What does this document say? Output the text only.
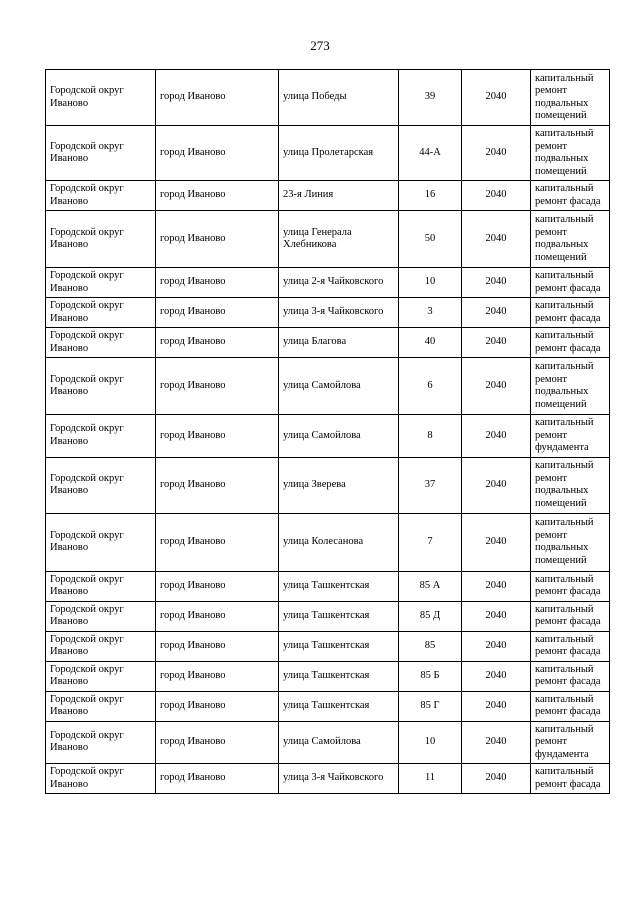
273
Городской округ Иваново	город Иваново	улица Победы	39	2040	капитальный ремонт подвальных помещений
Городской округ Иваново	город Иваново	улица Пролетарская	44-А	2040	капитальный ремонт подвальных помещений
Городской округ Иваново	город Иваново	23-я Линия	16	2040	капитальный ремонт фасада
Городской округ Иваново	город Иваново	улица Генерала Хлебникова	50	2040	капитальный ремонт подвальных помещений
Городской округ Иваново	город Иваново	улица 2-я Чайковского	10	2040	капитальный ремонт фасада
Городской округ Иваново	город Иваново	улица 3-я Чайковского	3	2040	капитальный ремонт фасада
Городской округ Иваново	город Иваново	улица Благова	40	2040	капитальный ремонт фасада
Городской округ Иваново	город Иваново	улица Самойлова	6	2040	капитальный ремонт подвальных помещений
Городской округ Иваново	город Иваново	улица Самойлова	8	2040	капитальный ремонт фундамента
Городской округ Иваново	город Иваново	улица Зверева	37	2040	капитальный ремонт подвальных помещений
Городской округ Иваново	город Иваново	улица Колесанова	7	2040	капитальный ремонт подвальных помещений
Городской округ Иваново	город Иваново	улица Ташкентская	85 А	2040	капитальный ремонт фасада
Городской округ Иваново	город Иваново	улица Ташкентская	85 Д	2040	капитальный ремонт фасада
Городской округ Иваново	город Иваново	улица Ташкентская	85	2040	капитальный ремонт фасада
Городской округ Иваново	город Иваново	улица Ташкентская	85 Б	2040	капитальный ремонт фасада
Городской округ Иваново	город Иваново	улица Ташкентская	85 Г	2040	капитальный ремонт фасада
Городской округ Иваново	город Иваново	улица Самойлова	10	2040	капитальный ремонт фундамента
Городской округ Иваново	город Иваново	улица 3-я Чайковского	11	2040	капитальный ремонт фасада
